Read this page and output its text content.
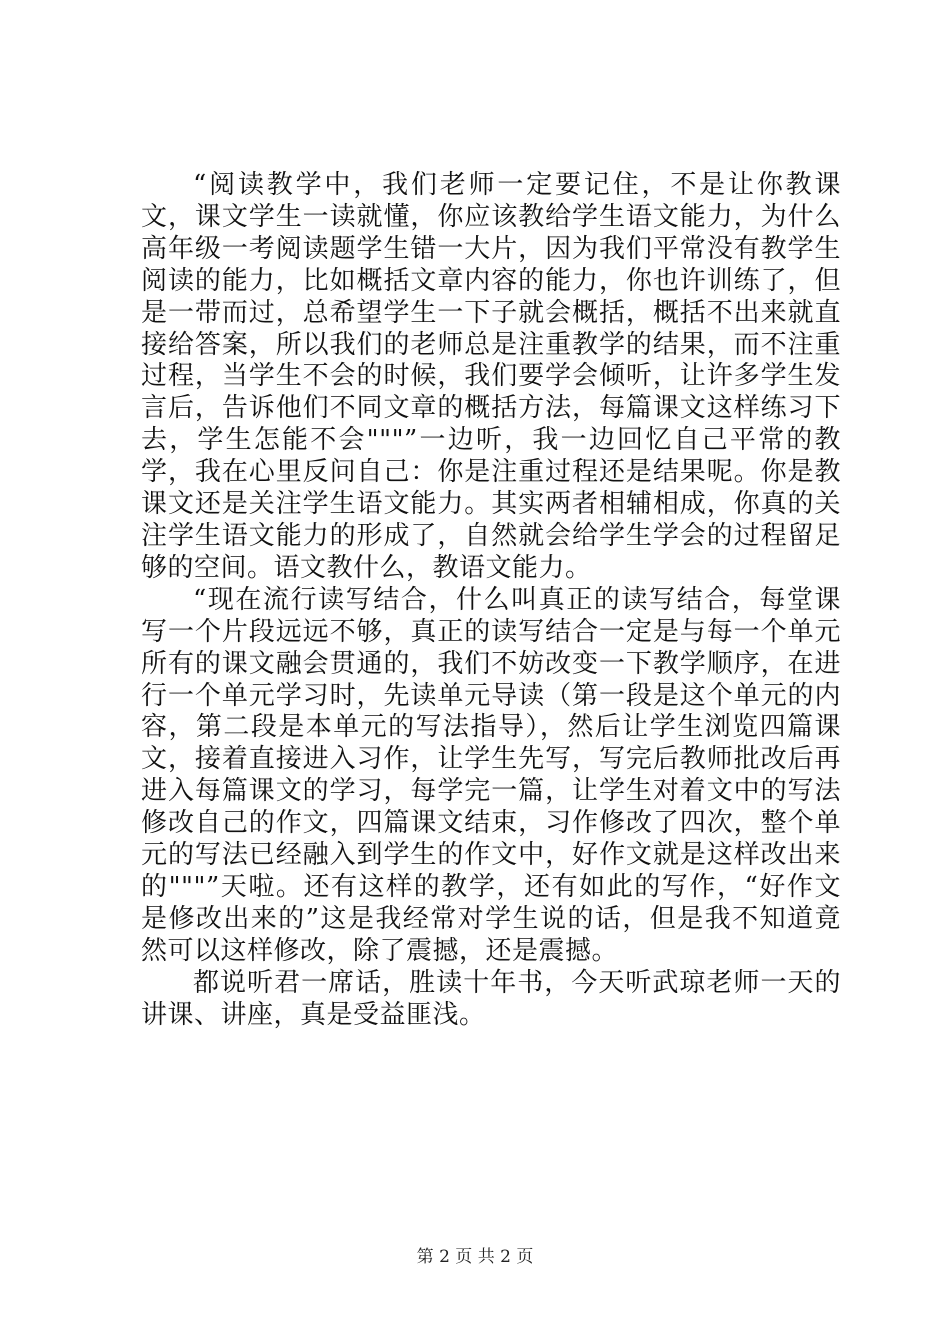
“阅读教学中，我们老师一定要记住，不是让你教课文，课文学生一读就懂，你应该教给学生语文能力，为什么高年级一考阅读题学生错一大片，因为我们平常没有教学生阅读的能力，比如概括文章内容的能力，你也许训练了，但是一带而过，总希望学生一下子就会概括，概括不出来就直接给答案，所以我们的老师总是注重教学的结果，而不注重过程，当学生不会的时候，我们要学会倾听，让许多学生发言后，告诉他们不同文章的概括方法，每篇课文这样练习下去，学生怎能不会"""”一边听，我一边回忆自己平常的教学，我在心里反问自己：你是注重过程还是结果呢。你是教课文还是关注学生语文能力。其实两者相辅相成，你真的关注学生语文能力的形成了，自然就会给学生学会的过程留足够的空间。语文教什么，教语文能力。

“现在流行读写结合，什么叫真正的读写结合，每堂课写一个片段远远不够，真正的读写结合一定是与每一个单元所有的课文融会贯通的，我们不妨改变一下教学顺序，在进行一个单元学习时，先读单元导读（第一段是这个单元的内容，第二段是本单元的写法指导），然后让学生浏览四篇课文，接着直接进入习作，让学生先写，写完后教师批改后再进入每篇课文的学习，每学完一篇，让学生对着文中的写法修改自己的作文，四篇课文结束，习作修改了四次，整个单元的写法已经融入到学生的作文中，好作文就是这样改出来的"""”天啦。还有这样的教学，还有如此的写作，“好作文是修改出来的”这是我经常对学生说的话，但是我不知道竟然可以这样修改，除了震撼，还是震撼。

都说听君一席话，胜读十年书，今天听武琼老师一天的讲课、讲座，真是受益匪浅。

第 2 页 共 2 页
